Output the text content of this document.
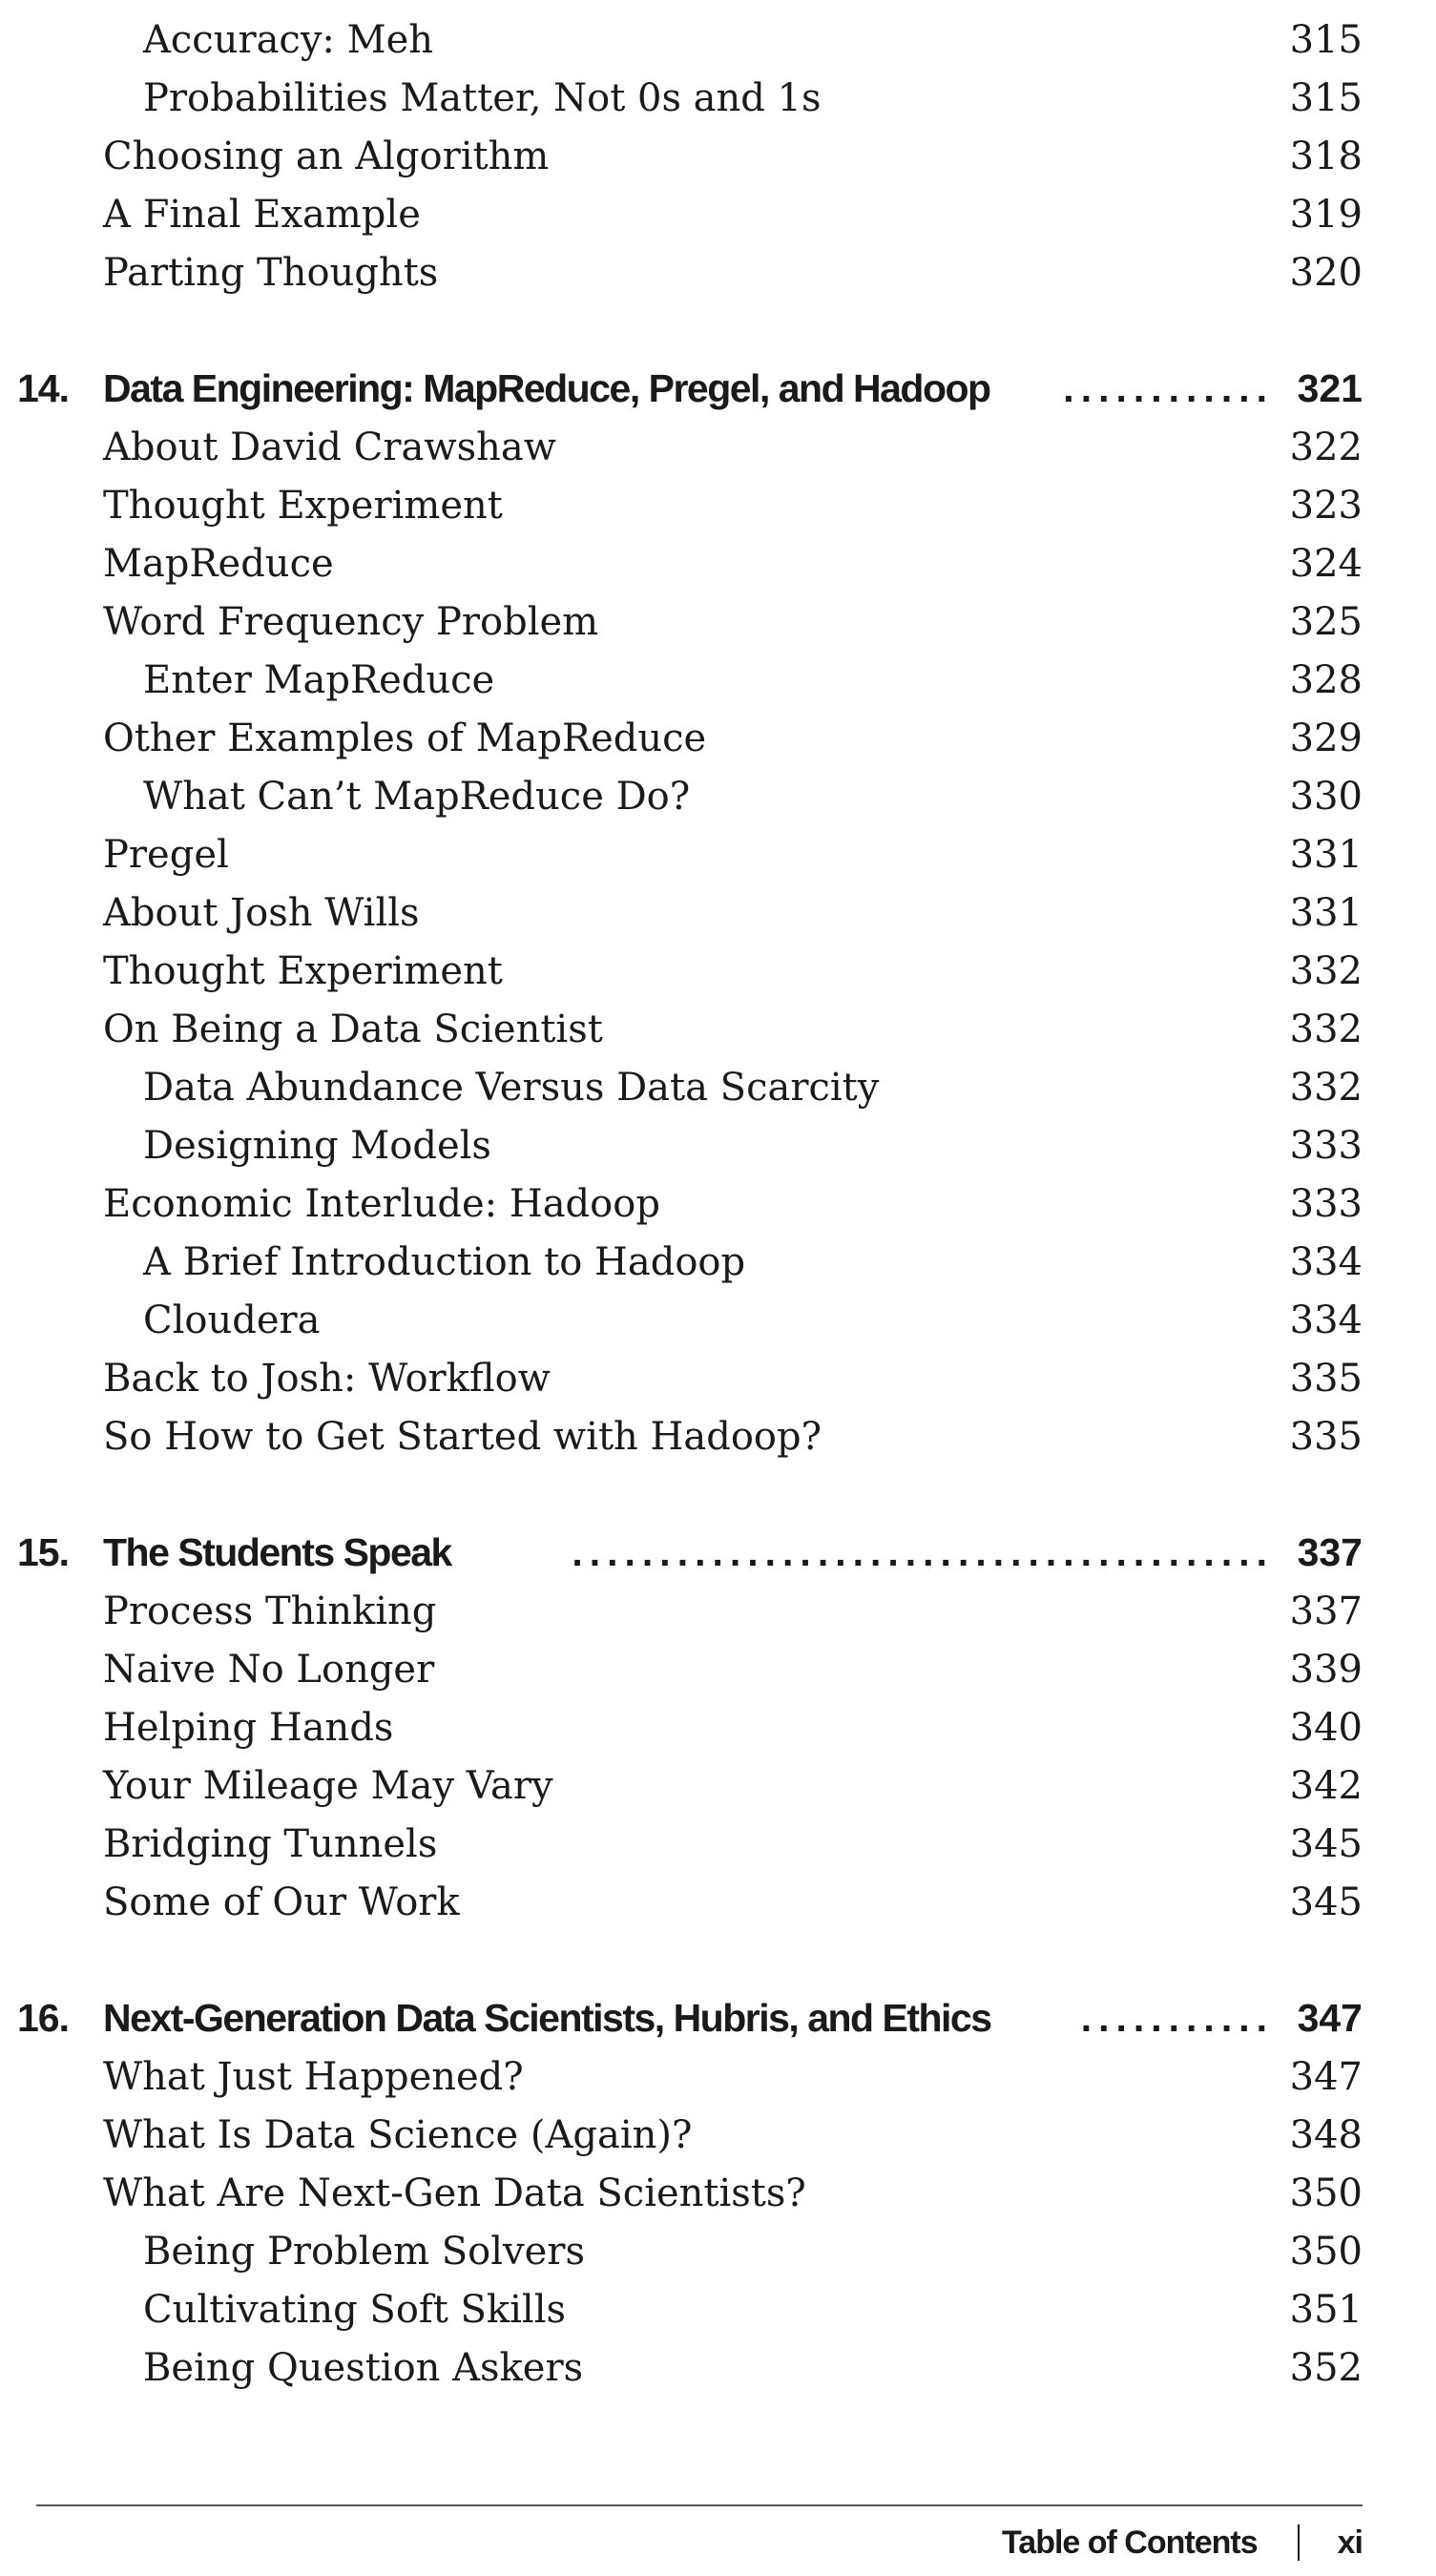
Accuracy: Meh	315
Probabilities Matter, Not 0s and 1s	315
Choosing an Algorithm	318
A Final Example	319
Parting Thoughts	320
14. Data Engineering: MapReduce, Pregel, and Hadoop	............ 321
About David Crawshaw	322
Thought Experiment	323
MapReduce	324
Word Frequency Problem	325
Enter MapReduce	328
Other Examples of MapReduce	329
What Can’t MapReduce Do?	330
Pregel	331
About Josh Wills	331
Thought Experiment	332
On Being a Data Scientist	332
Data Abundance Versus Data Scarcity	332
Designing Models	333
Economic Interlude: Hadoop	333
A Brief Introduction to Hadoop	334
Cloudera	334
Back to Josh: Workflow	335
So How to Get Started with Hadoop?	335
15. The Students Speak	........................................ 337
Process Thinking	337
Naive No Longer	339
Helping Hands	340
Your Mileage May Vary	342
Bridging Tunnels	345
Some of Our Work	345
16. Next-Generation Data Scientists, Hubris, and Ethics	........... 347
What Just Happened?	347
What Is Data Science (Again)?	348
What Are Next-Gen Data Scientists?	350
Being Problem Solvers	350
Cultivating Soft Skills	351
Being Question Askers	352
Table of Contents xi
